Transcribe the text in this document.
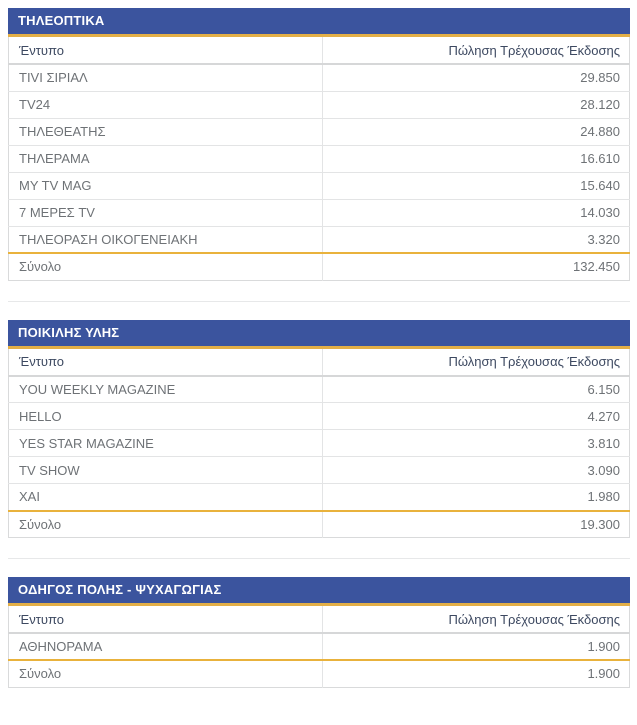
ΤΗΛΕΟΠΤΙΚΑ
Έντυπο	Πώληση Τρέχουσας Έκδοσης
TIVI ΣΙΡΙΑΛ	29.850
TV24	28.120
ΤΗΛΕΘΕΑΤΗΣ	24.880
ΤΗΛΕΡΑΜΑ	16.610
MY TV MAG	15.640
7 ΜΕΡΕΣ TV	14.030
ΤΗΛΕΟΡΑΣΗ ΟΙΚΟΓΕΝΕΙΑΚΗ	3.320
Σύνολο	132.450
ΠΟΙΚΙΛΗΣ ΥΛΗΣ
Έντυπο	Πώληση Τρέχουσας Έκδοσης
YOU WEEKLY MAGAZINE	6.150
HELLO	4.270
YES STAR MAGAZINE	3.810
TV SHOW	3.090
ΧΑΙ	1.980
Σύνολο	19.300
ΟΔΗΓΟΣ ΠΟΛΗΣ - ΨΥΧΑΓΩΓΙΑΣ
Έντυπο	Πώληση Τρέχουσας Έκδοσης
ΑΘΗΝΟΡΑΜΑ	1.900
Σύνολο	1.900
